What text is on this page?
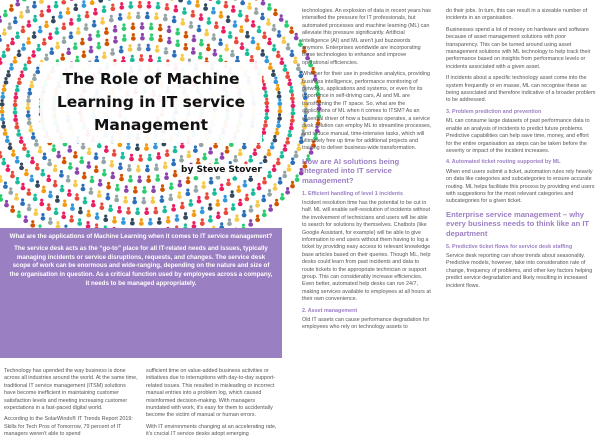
The Role of Machine
Learning in IT service
Management
by Steve Stover
What are the applications of Machine Learning when it comes to IT service management?
The service desk acts as the “go-to” place for all IT-related needs and issues, typically managing incidents or service disruptions, requests, and changes. The service desk scope of work can be enormous and wide-ranging, depending on the nature and size of the organisation in question. As a critical function used by employees across a company, it needs to be managed appropriately.

Technology has upended the way business is done across all industries around the world. At the same time, traditional IT service management (ITSM) solutions have become inefficient in maintaining customer satisfaction levels and meeting increasing customer expectations in a fast-paced digital world.

According to the SolarWinds® IT Trends Report 2019: Skills for Tech Pros of Tomorrow, 79 percent of IT managers weren't able to spend

sufficient time on value-added business activities or initiatives due to interruptions with day-to-day support-related issues. This resulted in misleading or incorrect manual entries into a problem log, which caused misinformed decision-making. With managers inundated with work, it's easy for them to accidentally become the victim of manual or human errors.

With IT environments changing at an accelerating rate, it's crucial IT service desks adopt emerging

technologies. An explosion of data in recent years has intensified the pressure for IT professionals, but automated processes and machine learning (ML) can alleviate this pressure significantly. Artificial intelligence (AI) and ML aren't just buzzwords anymore. Enterprises worldwide are incorporating these technologies to enhance and improve operational efficiencies.

Whether for their use in predictive analytics, providing business intelligence, performance monitoring of networks, applications and systems, or even for its importance in self-driving cars, AI and ML are transforming the IT space. So, what are the applications of ML when it comes to ITSM? As an essential driver of how a business operates, a service desk solution can employ ML to streamline processes, and reduce manual, time-intensive tasks, which will ultimately free up time for additional projects and training to deliver business-wide transformation.

How are AI solutions being integrated into IT service management?
1. Efficient handling of level 1 incidents

Incident resolution time has the potential to be cut in half. ML will enable self-resolution of incidents without the involvement of technicians and users will be able to search for solutions by themselves. Chatbots (like Google Assistant, for example) will be able to give information to end users without them having to log a ticket by providing easy access to relevant knowledge base articles based on their queries. Though ML, help desks could learn from past incidents and data to route tickets to the appropriate technician or support group. This can considerably increase efficiencies. Even better, automated help desks can run 24/7, making services available to employees at all hours at their own convenience.

2. Asset management

Old IT assets can cause performance degradation for employees who rely on technology assets to

do their jobs. In turn, this can result in a sizeable number of incidents in an organisation.

Businesses spend a lot of money on hardware and software because of asset management solutions with poor transparency. This can be turned around using asset management solutions with ML technology to help track their performance based on insights from performance levels or incidents associated with a given asset.

If incidents about a specific technology asset come into the system frequently or en masse, ML can recognise these as being associated and therefore indicative of a broader problem to be addressed.

3. Problem prediction and prevention

ML can consume large datasets of past performance data to enable an analysis of incidents to predict future problems. Predictive capabilities can help save time, money, and effort for the entire organisation as steps can be taken before the severity or impact of the incident increases.

4. Automated ticket routing supported by ML

When end users submit a ticket, automation rules rely heavily on data like categories and subcategories to ensure accurate routing. ML helps facilitate this process by providing end users with suggestions for the most relevant categories and subcategories for a given ticket.

Enterprise service management – why every business needs to think like an IT department
5. Predictive ticket flows for service desk staffing

Service desk reporting can show trends about seasonality. Predictive models, however, take into consideration rate of change, frequency of problems, and other key factors helping predict service degradation and likely resulting in increased incident flows.
